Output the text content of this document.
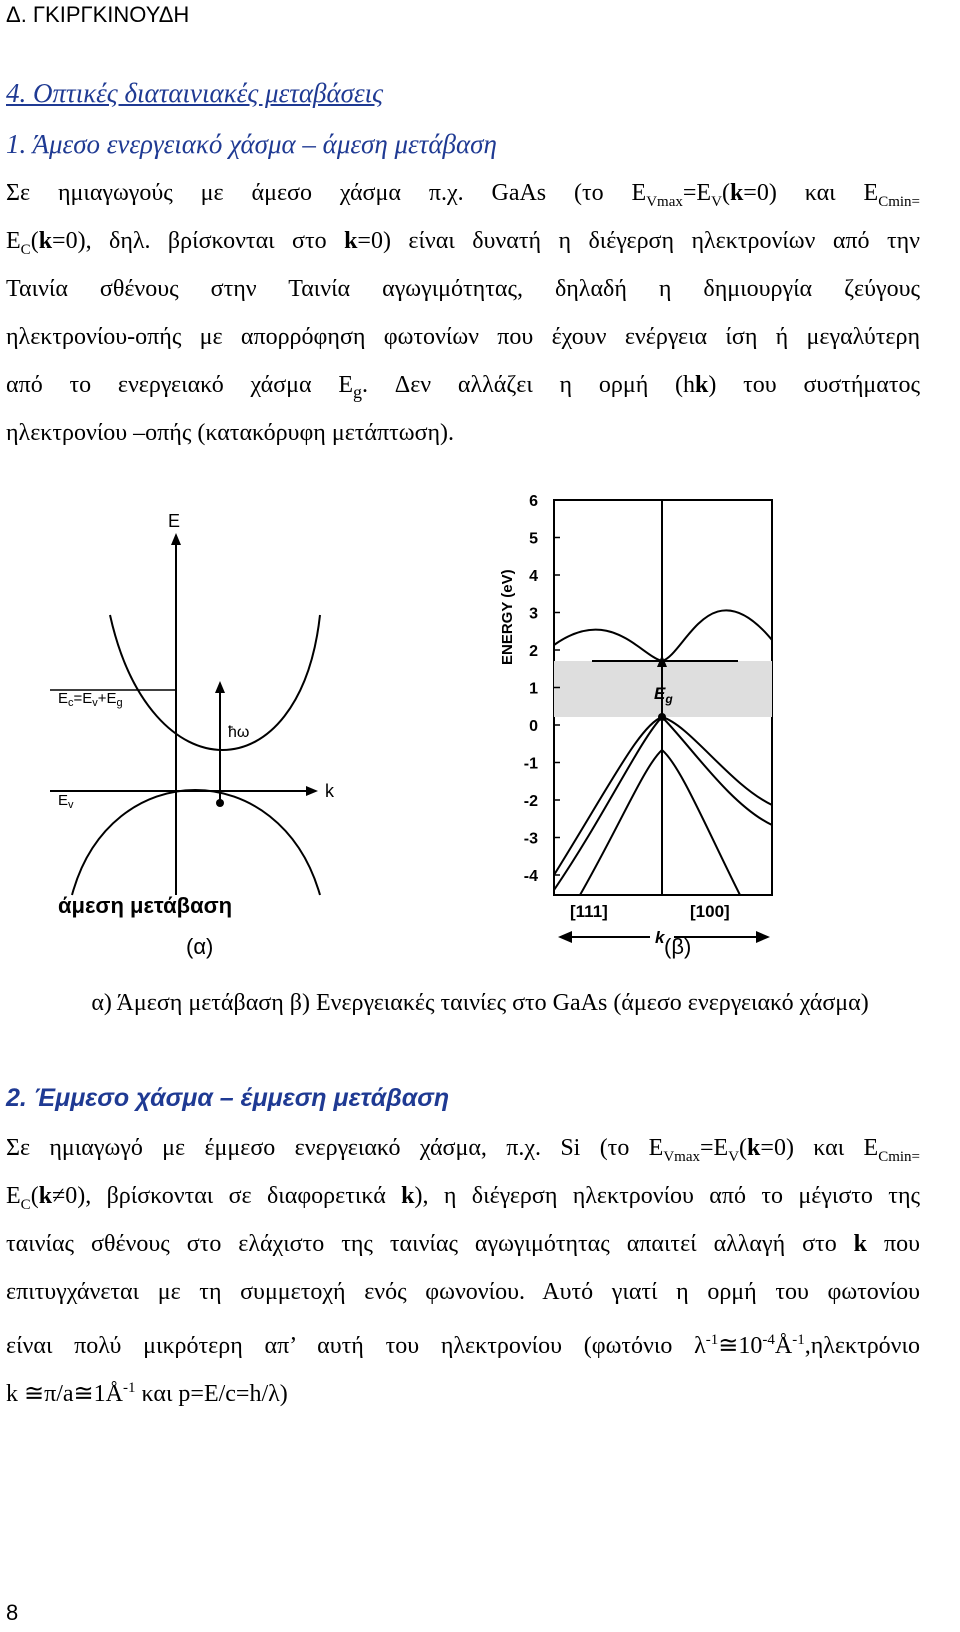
Δ. ΓΚΙΡΓΚΙΝΟΥΔΗ
4. Οπτικές διαταινιακές μεταβάσεις
1. Άμεσο ενεργειακό χάσμα – άμεση μετάβαση
Σε ημιαγωγούς με άμεσο χάσμα π.χ. GaAs (το $E_{Vmax}=E_V(k=0)$ και $E_{Cmin=}$
$E_C(k=0)$, δηλ. βρίσκονται στο k=0) είναι δυνατή η διέγερση ηλεκτρονίων από την
Ταινία σθένους στην Ταινία αγωγιμότητας, δηλαδή η δημιουργία ζεύγους
ηλεκτρονίου-οπής με απορρόφηση φωτονίων που έχουν ενέργεια ίση ή μεγαλύτερη
από το ενεργειακό χάσμα $E_g$. Δεν αλλάζει η ορμή (hk) του συστήματος
ηλεκτρονίου –οπής (κατακόρυφη μετάπτωση).
E
k
ħω
$E_c=E_v+E_g$
$E_v$
άμεση μετάβαση
$E_g$
6
5
4
3
2
1
0
-1
-2
-3
-4
ENERGY (eV)
[111]	[100]
k
(α)	(β)
α) Άμεση μετάβαση β) Ενεργειακές ταινίες στο GaAs (άμεσο ενεργειακό χάσμα)
2. Έμμεσο χάσμα – έμμεση μετάβαση
Σε ημιαγωγό με έμμεσο ενεργειακό χάσμα, π.χ. Si (το $E_{Vmax}=E_V(k=0)$ και $E_{Cmin=}$
$E_C(k\ne 0)$, βρίσκονται σε διαφορετικά k), η διέγερση ηλεκτρονίου από το μέγιστο της
ταινίας σθένους στο ελάχιστο της ταινίας αγωγιμότητας απαιτεί αλλαγή στο k που
επιτυγχάνεται με τη συμμετοχή ενός φωνονίου. Αυτό γιατί η ορμή του φωτονίου
είναι πολύ μικρότερη απ’ αυτή του ηλεκτρονίου (φωτόνιο $\lambda^{-1}≅10^{-4}Å^{-1},\eta\lambda\varepsilon\kappa\tau\rho ό\nu\iota o$
k $≅\pi/a≅1Å^{-1}$ και p=E/c=h/λ)
8
